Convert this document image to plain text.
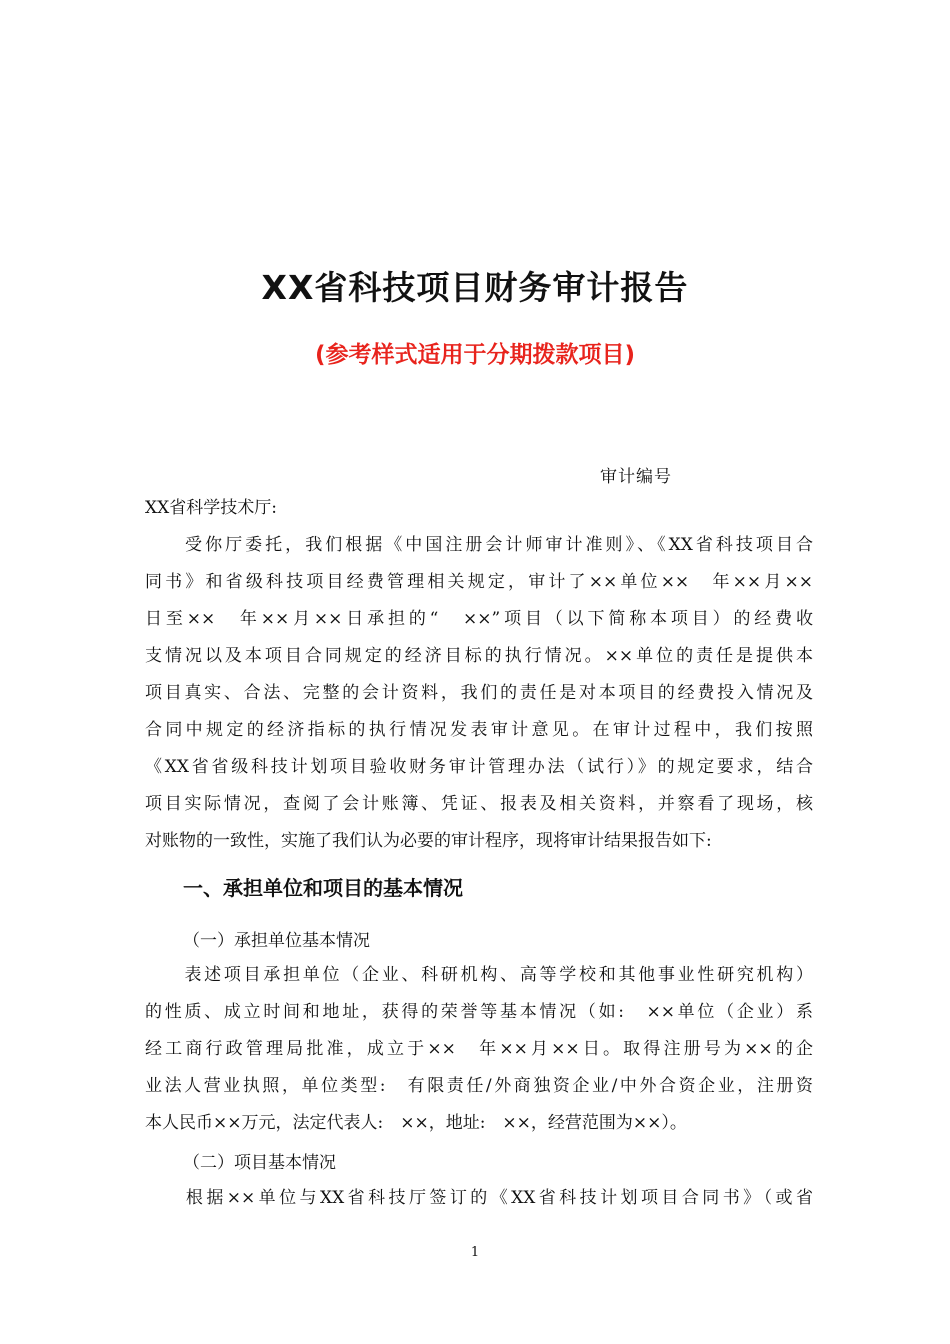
XX省科技项目财务审计报告
(参考样式适用于分期拨款项目)
审计编号
XX省科学技术厅:
　　受你厅委托，我们根据《中国注册会计师审计准则》、《XX省科技项目合
同书》和省级科技项目经费管理相关规定，审计了××单位××　年××月××
日至××　年××月××日承担的“　××”项目（以下简称本项目）的经费收
支情况以及本项目合同规定的经济目标的执行情况。××单位的责任是提供本
项目真实、合法、完整的会计资料，我们的责任是对本项目的经费投入情况及
合同中规定的经济指标的执行情况发表审计意见。在审计过程中，我们按照
《XX省省级科技计划项目验收财务审计管理办法（试行）》的规定要求，结合
项目实际情况，查阅了会计账簿、凭证、报表及相关资料，并察看了现场，核
对账物的一致性，实施了我们认为必要的审计程序，现将审计结果报告如下:
一、承担单位和项目的基本情况
（一）承担单位基本情况
　　表述项目承担单位（企业、科研机构、高等学校和其他事业性研究机构）
的性质、成立时间和地址，获得的荣誉等基本情况（如:　××单位（企业）系
经工商行政管理局批准，成立于××　年××月××日。取得注册号为××的企
业法人营业执照，单位类型:　有限责任/外商独资企业/中外合资企业，注册资
本人民币××万元，法定代表人:　××，地址:　××，经营范围为××）。
（二）项目基本情况
　　根据××单位与XX省科技厅签订的《XX省科技计划项目合同书》（或省
1
